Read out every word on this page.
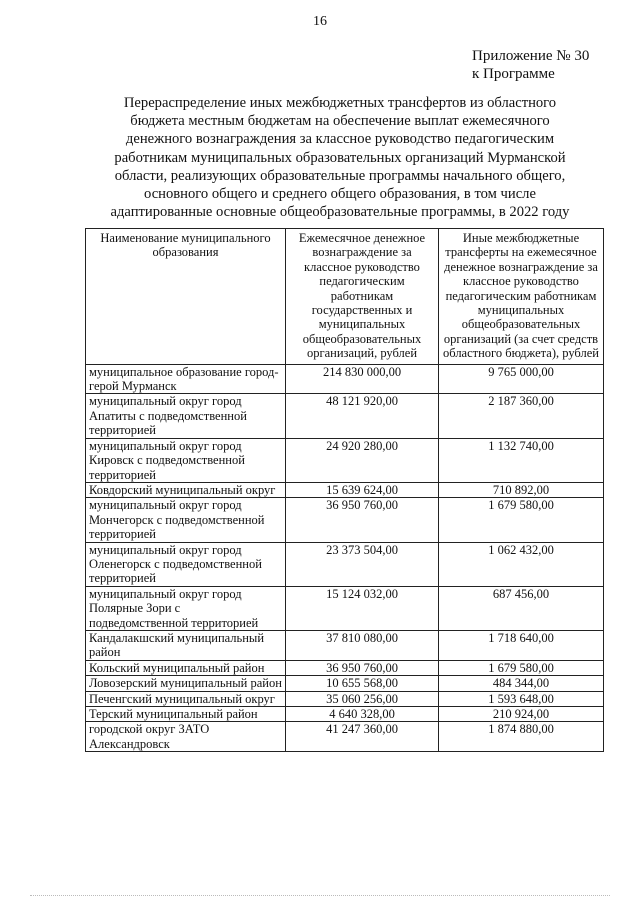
16
Приложение № 30
к Программе
Перераспределение иных межбюджетных трансфертов из областного
бюджета местным бюджетам на обеспечение выплат ежемесячного
денежного вознаграждения за классное руководство педагогическим
работникам муниципальных образовательных организаций Мурманской
области, реализующих образовательные программы начального общего,
основного общего и среднего общего образования, в том числе
адаптированные основные общеобразовательные программы, в 2022 году
Наименование муниципального образования	Ежемесячное денежное вознаграждение за классное руководство педагогическим работникам государственных и муниципальных общеобразовательных организаций, рублей	Иные межбюджетные трансферты на ежемесячное денежное вознаграждение за классное руководство педагогическим работникам муниципальных общеобразовательных организаций (за счет средств областного бюджета), рублей
муниципальное образование город-герой Мурманск	214 830 000,00	9 765 000,00
муниципальный округ город Апатиты с подведомственной территорией	48 121 920,00	2 187 360,00
муниципальный округ город Кировск с подведомственной территорией	24 920 280,00	1 132 740,00
Ковдорский муниципальный округ	15 639 624,00	710 892,00
муниципальный округ город Мончегорск с подведомственной территорией	36 950 760,00	1 679 580,00
муниципальный округ город Оленегорск с подведомственной территорией	23 373 504,00	1 062 432,00
муниципальный округ город Полярные Зори с подведомственной территорией	15 124 032,00	687 456,00
Кандалакшский муниципальный район	37 810 080,00	1 718 640,00
Кольский муниципальный район	36 950 760,00	1 679 580,00
Ловозерский муниципальный район	10 655 568,00	484 344,00
Печенгский муниципальный округ	35 060 256,00	1 593 648,00
Терский муниципальный район	4 640 328,00	210 924,00
городской округ ЗАТО Александровск	41 247 360,00	1 874 880,00
